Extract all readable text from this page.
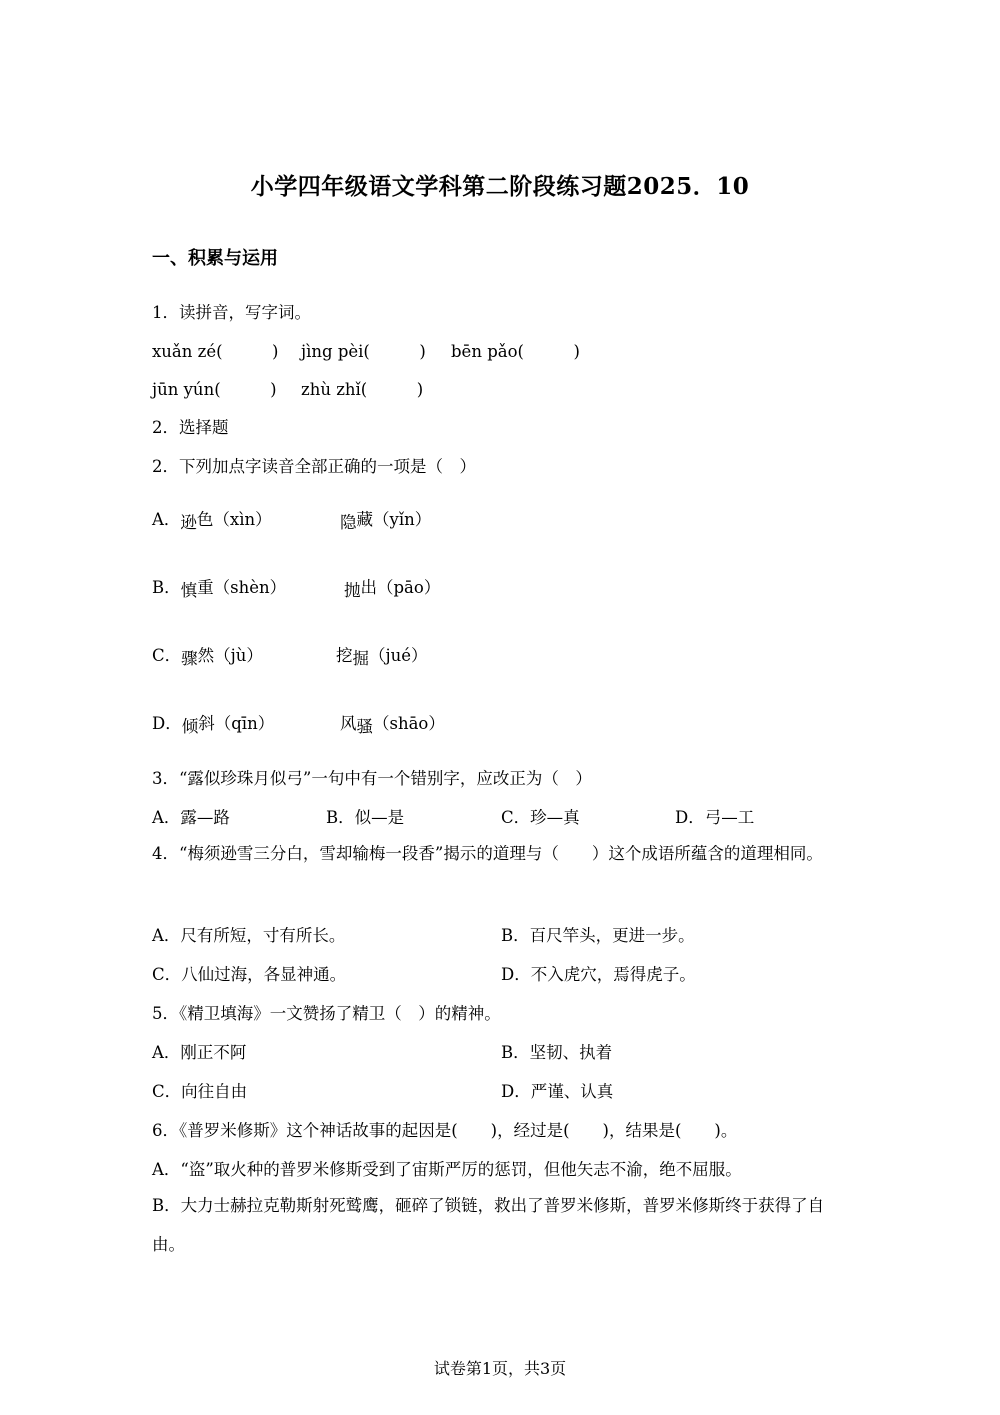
小学四年级语文学科第二阶段练习题2025．10
一、积累与运用
1．读拼音，写字词。
xuǎn zé(　　　) jìng pèi(　　　) bēn pǎo(　　　)
jūn yún(　　　) zhù zhǐ(　　　)
2．选择题
2．下列加点字读音全部正确的一项是（　）
A．逊色（xìn）	隐藏（yǐn）
B．慎重（shèn）	抛出（pāo）
C．骤然（jù）	挖掘（jué）
D．倾斜（qīn）	风骚（shāo）
3．“露似珍珠月似弓”一句中有一个错别字，应改正为（　）
A．露—路	B．似—是	C．珍—真	D．弓—工
4．“梅须逊雪三分白，雪却输梅一段香”揭示的道理与（　　）这个成语所蕴含的道理相同。
A．尺有所短，寸有所长。	B．百尺竿头，更进一步。
C．八仙过海，各显神通。	D．不入虎穴，焉得虎子。
5．《精卫填海》一文赞扬了精卫（　）的精神。
A．刚正不阿	B．坚韧、执着
C．向往自由	D．严谨、认真
6．《普罗米修斯》这个神话故事的起因是(　　)，经过是(　　)，结果是(　　)。
A．“盗”取火种的普罗米修斯受到了宙斯严厉的惩罚，但他矢志不渝，绝不屈服。
B．大力士赫拉克勒斯射死鹫鹰，砸碎了锁链，救出了普罗米修斯，普罗米修斯终于获得了自由。
试卷第1页，共3页
